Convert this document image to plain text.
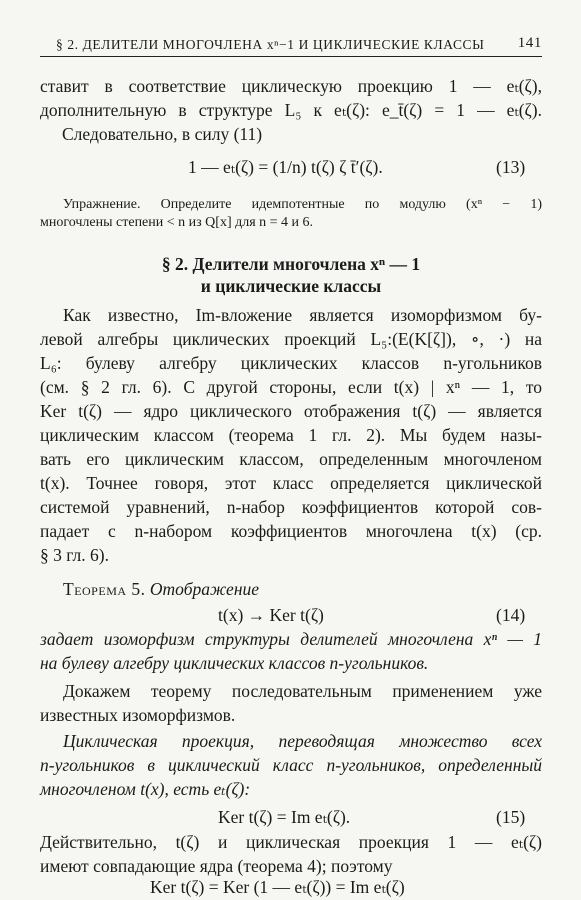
§ 2. ДЕЛИТЕЛИ МНОГОЧЛЕНА xⁿ−1 И ЦИКЛИЧЕСКИЕ КЛАССЫ 141
ставит в соответствие циклическую проекцию 1 — eₜ(ζ),
дополнительную в структуре L₅ к eₜ(ζ): e_t̄(ζ) = 1 — eₜ(ζ).
Следовательно, в силу (11)
1 — eₜ(ζ) = (1/n) t(ζ) ζ t̄′(ζ).	(13)
Упражнение. Определите идемпотентные по модулю (xⁿ − 1)
многочлены степени < n из Q[x] для n = 4 и 6.
§ 2. Делители многочлена xⁿ — 1
и циклические классы
Как известно, Im-вложение является изоморфизмом бу-
левой алгебры циклических проекций L₅:(E(K[ζ]), ∘, ·) на
L₆: булеву алгебру циклических классов n-угольников
(см. § 2 гл. 6). С другой стороны, если t(x) | xⁿ — 1, то
Ker t(ζ) — ядро циклического отображения t(ζ) — является
циклическим классом (теорема 1 гл. 2). Мы будем назы-
вать его циклическим классом, определенным многочленом
t(x). Точнее говоря, этот класс определяется циклической
системой уравнений, n-набор коэффициентов которой сов-
падает с n-набором коэффициентов многочлена t(x) (ср.
§ 3 гл. 6).
Теорема 5. Отображение
t(x) → Ker t(ζ)	(14)
задает изоморфизм структуры делителей многочлена xⁿ — 1
на булеву алгебру циклических классов n-угольников.
Докажем теорему последовательным применением уже
известных изоморфизмов.
Циклическая проекция, переводящая множество всех
n-угольников в циклический класс n-угольников, определенный
многочленом t(x), есть eₜ(ζ):
Ker t(ζ) = Im eₜ(ζ).	(15)
Действительно, t(ζ) и циклическая проекция 1 — eₜ(ζ)
имеют совпадающие ядра (теорема 4); поэтому
Ker t(ζ) = Ker (1 — eₜ(ζ)) = Im eₜ(ζ)
